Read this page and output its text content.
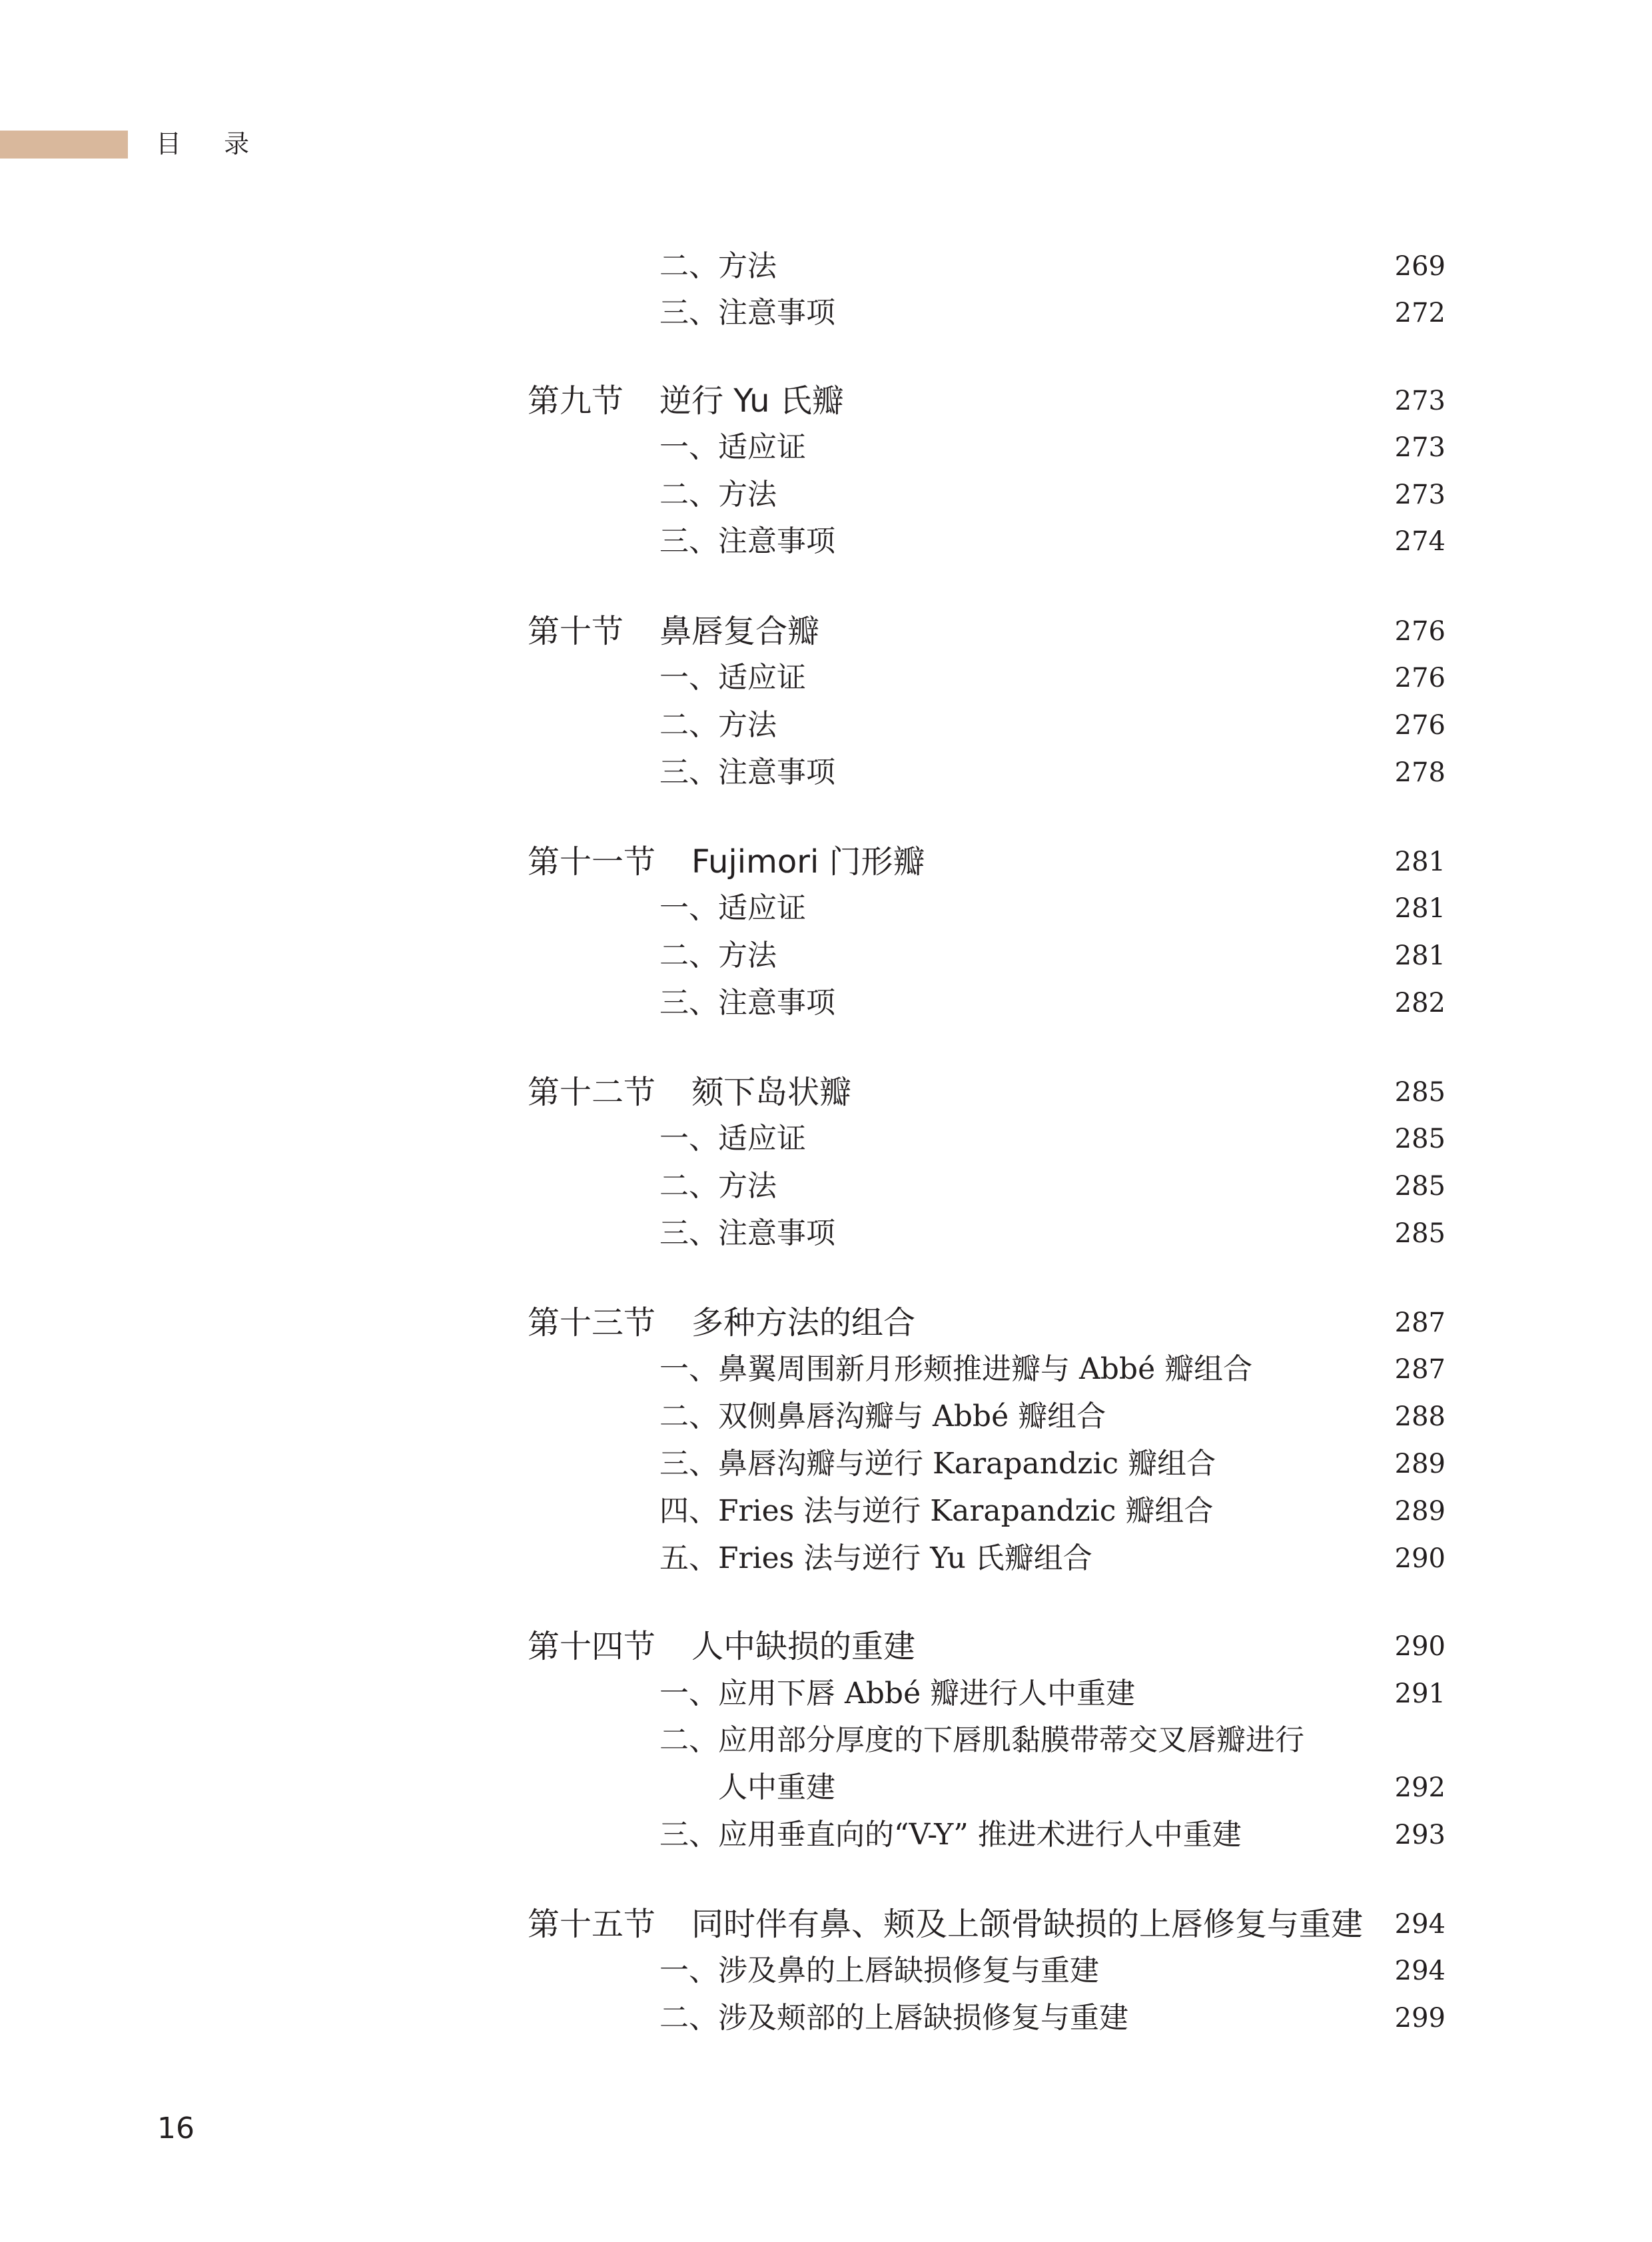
目 录
二、方法	269
三、注意事项	272
第九节 逆行 Yu 氏瓣	273
一、适应证	273
二、方法	273
三、注意事项	274
第十节 鼻唇复合瓣	276
一、适应证	276
二、方法	276
三、注意事项	278
第十一节 Fujimori 门形瓣	281
一、适应证	281
二、方法	281
三、注意事项	282
第十二节 颏下岛状瓣	285
一、适应证	285
二、方法	285
三、注意事项	285
第十三节 多种方法的组合	287
一、鼻翼周围新月形颊推进瓣与 Abbé 瓣组合	287
二、双侧鼻唇沟瓣与 Abbé 瓣组合	288
三、鼻唇沟瓣与逆行 Karapandzic 瓣组合	289
四、Fries 法与逆行 Karapandzic 瓣组合	289
五、Fries 法与逆行 Yu 氏瓣组合	290
第十四节 人中缺损的重建	290
一、应用下唇 Abbé 瓣进行人中重建	291
二、应用部分厚度的下唇肌黏膜带蒂交叉唇瓣进行
人中重建	292
三、应用垂直向的“V-Y” 推进术进行人中重建	293
第十五节 同时伴有鼻、颊及上颌骨缺损的上唇修复与重建 294
一、涉及鼻的上唇缺损修复与重建	294
二、涉及颊部的上唇缺损修复与重建	299
16
